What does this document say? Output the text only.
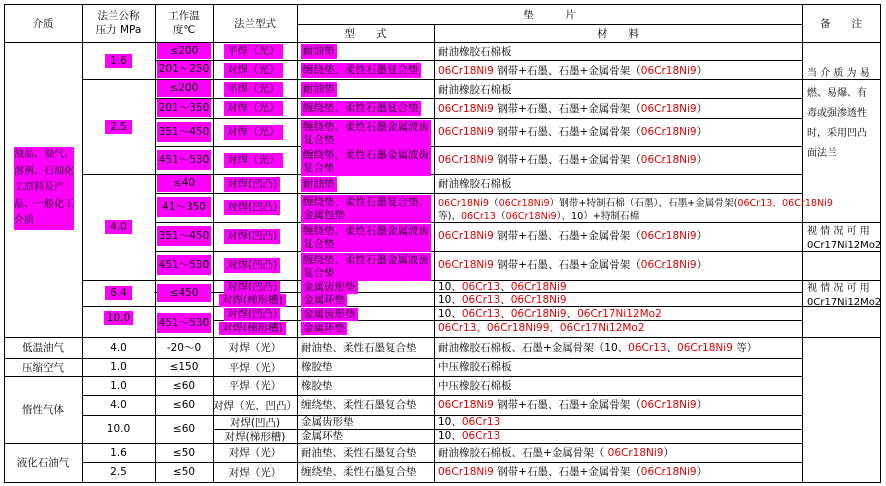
介质
法兰公称
压力 MPa
工作温
度℃
法兰型式
垫　　　片
型　　式	材　　料
备　　注
油品、油气、
溶剂、石油化
工原料及产
品、一般化工
介质
低温油气
压缩空气
惰性气体
液化石油气
1.6
2.5
4.0
6.4
10.0
4.0
1.0
1.0
4.0
10.0
1.6
2.5
≤200
201～250
≤200
201～350
351～450
451～530
≤40
41～350
351～450
451～530
≤450
451～530
-20～0
≤150
≤60
≤60
≤60
≤50
≤50
平焊（光）
对焊（光）
平焊（光）
对焊（光）
对焊（光）
对焊（光）
对焊(凹凸)
对焊(凹凸)
对焊(凹凸)
对焊(凹凸)
对焊(凹凸)
对焊(梯形槽)
对焊(凹凸)
对焊(梯形槽)
对焊（光）
平焊（光）
平焊（光）
对焊（光、凹凸）
对焊(凹凸)
对焊(梯形槽)
对焊（光）
对焊（光）
耐油垫
缠绕垫、柔性石墨复合垫
耐油垫
缠绕垫、柔性石墨复合垫
缠绕垫、柔性石墨金属波齿
复合垫
缠绕垫、柔性石墨金属波齿
复合垫
耐油垫
缠绕垫、柔性石墨复合垫、
金属包垫
缠绕垫、柔性石墨金属波齿
复合垫
缠绕垫、柔性石墨金属波齿
复合垫
金属齿形垫
金属环垫
金属齿形垫
金属环垫
耐油垫、柔性石墨复合垫
橡胶垫
橡胶垫
缠绕垫、柔性石墨复合垫
金属齿形垫
金属环垫
耐油垫、柔性石墨复合垫
缠绕垫、柔性石墨复合垫
耐油橡胶石棉板
06Cr18Ni9 钢带+石墨、石墨+金属骨架（06Cr18Ni9）
耐油橡胶石棉板
06Cr18Ni9 钢带+石墨、石墨+金属骨架（06Cr18Ni9）
06Cr18Ni9 钢带+石墨、石墨+金属骨架（06Cr18Ni9）
06Cr18Ni9 钢带+石墨、石墨+金属骨架（06Cr18Ni9）
耐油橡胶石棉板
06Cr18Ni9（06Cr18Ni9）钢带+特制石棉（石墨）、石墨+金属骨架(06Cr13、06Cr18Ni9
等)、06Cr13（06Cr18Ni9）、10）+特制石棉
06Cr18Ni9 钢带+石墨、石墨+金属骨架（06Cr18Ni9）
06Cr18Ni9 钢带+石墨、石墨+金属骨架（06Cr18Ni9）
10、06Cr13、06Cr18Ni9
10、06Cr13、06Cr18Ni9
10、06Cr13、06Cr18Ni9、06Cr17Ni12Mo2
06Cr13、06Cr18Ni99、06Cr17Ni12Mo2
耐油橡胶石棉板、石墨+金属骨架（10、06Cr13、06Cr18Ni9 等）
中压橡胶石棉板
中压橡胶石棉板
06Cr18Ni9 钢带+石墨、石墨+金属骨架（06Cr18Ni9）
10、06Cr13
10、06Cr13
耐油橡胶石棉板、石墨+金属骨架（ 06Cr18Ni9）
06Cr18Ni9 钢带+石墨、石墨+金属骨架（06Cr18Ni9）
当 介 质 为 易
燃、易爆、有
毒或强渗透性
时，采用凹凸
面法兰
视 情 况 可 用
0Cr17Ni12Mo2
视 情 况 可 用
0Cr17Ni12Mo2
